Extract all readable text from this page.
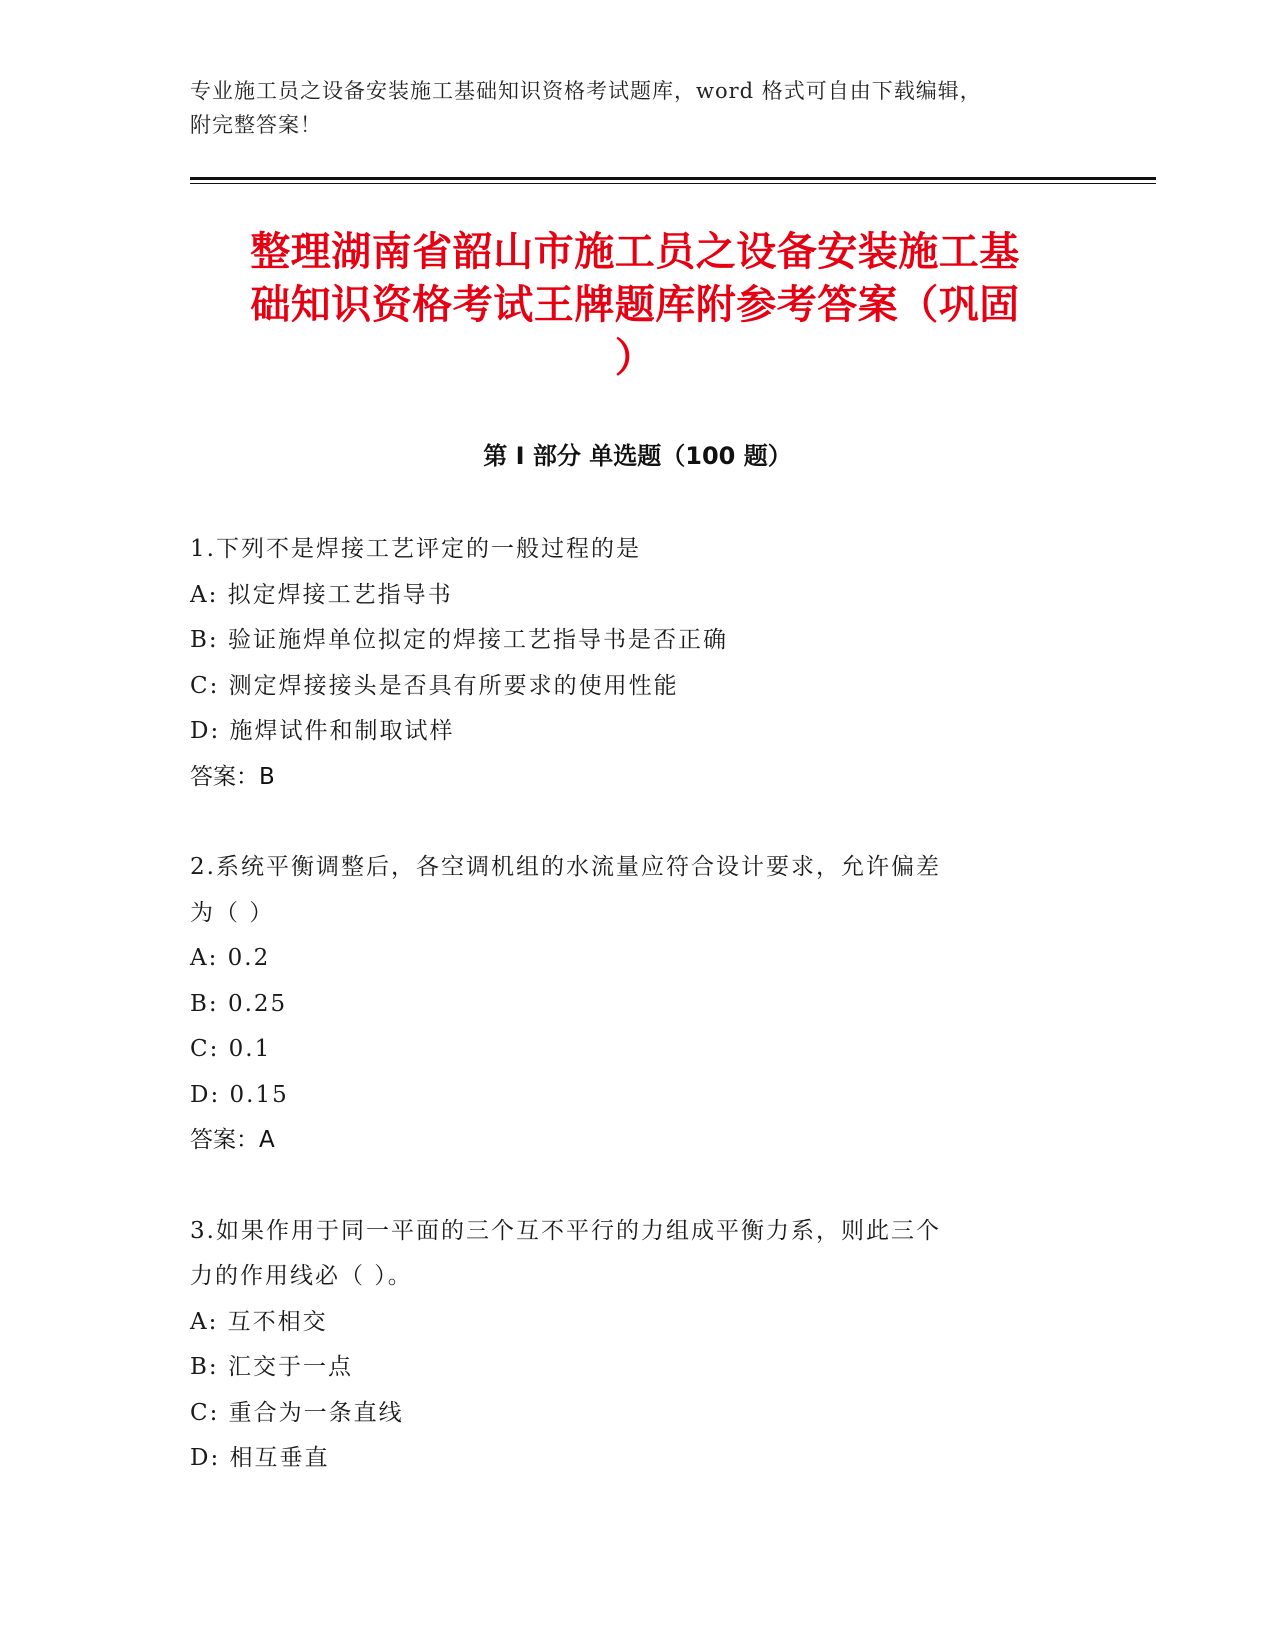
专业施工员之设备安装施工基础知识资格考试题库，word 格式可自由下载编辑，
附完整答案！
整理湖南省韶山市施工员之设备安装施工基
础知识资格考试王牌题库附参考答案（巩固
）
第 I 部分 单选题（100 题）
1.下列不是焊接工艺评定的一般过程的是
A: 拟定焊接工艺指导书
B: 验证施焊单位拟定的焊接工艺指导书是否正确
C: 测定焊接接头是否具有所要求的使用性能
D: 施焊试件和制取试样
答案：B
2.系统平衡调整后，各空调机组的水流量应符合设计要求，允许偏差
为（ ）
A: 0.2
B: 0.25
C: 0.1
D: 0.15
答案：A
3.如果作用于同一平面的三个互不平行的力组成平衡力系，则此三个
力的作用线必（ ）。
A: 互不相交
B: 汇交于一点
C: 重合为一条直线
D: 相互垂直
